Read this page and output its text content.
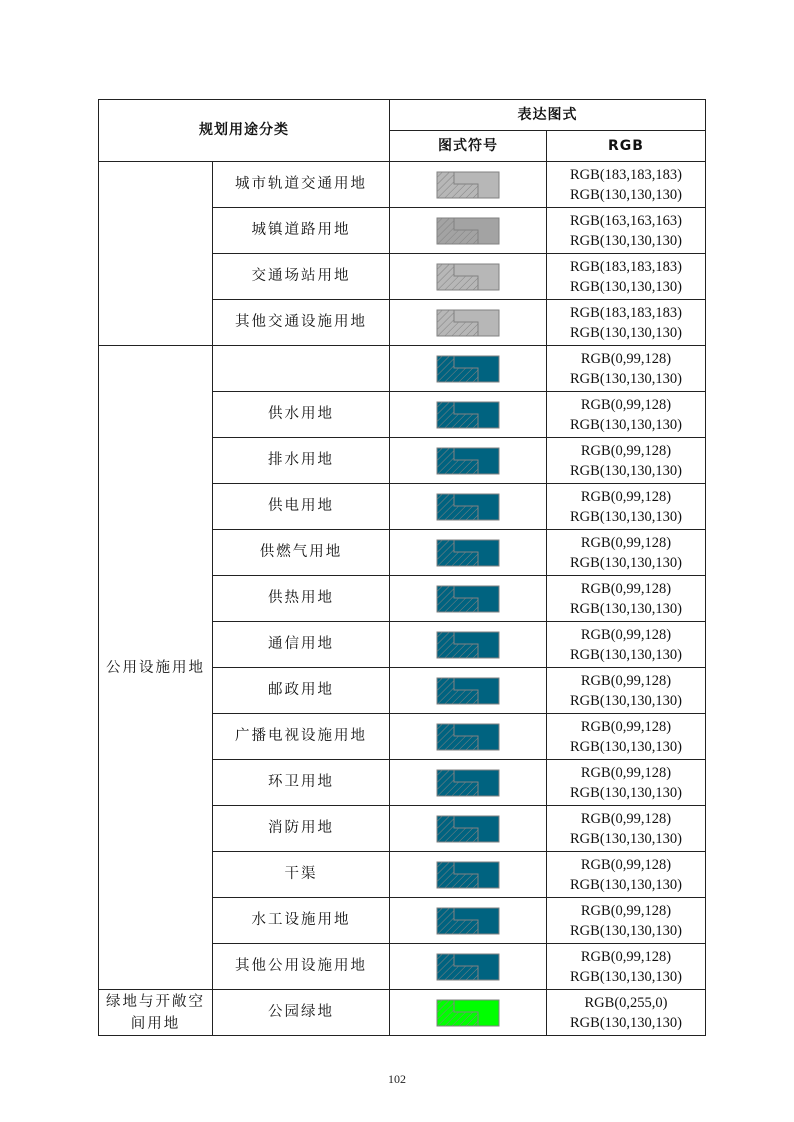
规划用途分类		表达图式	
		图式符号	RGB
	城市轨道交通用地		RGB(183,183,183)
RGB(130,130,130)

	城镇道路用地		RGB(163,163,163)
RGB(130,130,130)

	交通场站用地		RGB(183,183,183)
RGB(130,130,130)

	其他交通设施用地		RGB(183,183,183)
RGB(130,130,130)

公用设施用地			RGB(0,99,128)
RGB(130,130,130)

	供水用地		RGB(0,99,128)
RGB(130,130,130)

	排水用地		RGB(0,99,128)
RGB(130,130,130)

	供电用地		RGB(0,99,128)
RGB(130,130,130)

	供燃气用地		RGB(0,99,128)
RGB(130,130,130)

	供热用地		RGB(0,99,128)
RGB(130,130,130)

	通信用地		RGB(0,99,128)
RGB(130,130,130)

	邮政用地		RGB(0,99,128)
RGB(130,130,130)

	广播电视设施用地		RGB(0,99,128)
RGB(130,130,130)

	环卫用地		RGB(0,99,128)
RGB(130,130,130)

	消防用地		RGB(0,99,128)
RGB(130,130,130)

	干渠		RGB(0,99,128)
RGB(130,130,130)

	水工设施用地		RGB(0,99,128)
RGB(130,130,130)

	其他公用设施用地		RGB(0,99,128)
RGB(130,130,130)

绿地与开敞空间用地	公园绿地		RGB(0,255,0)
RGB(130,130,130)
102
